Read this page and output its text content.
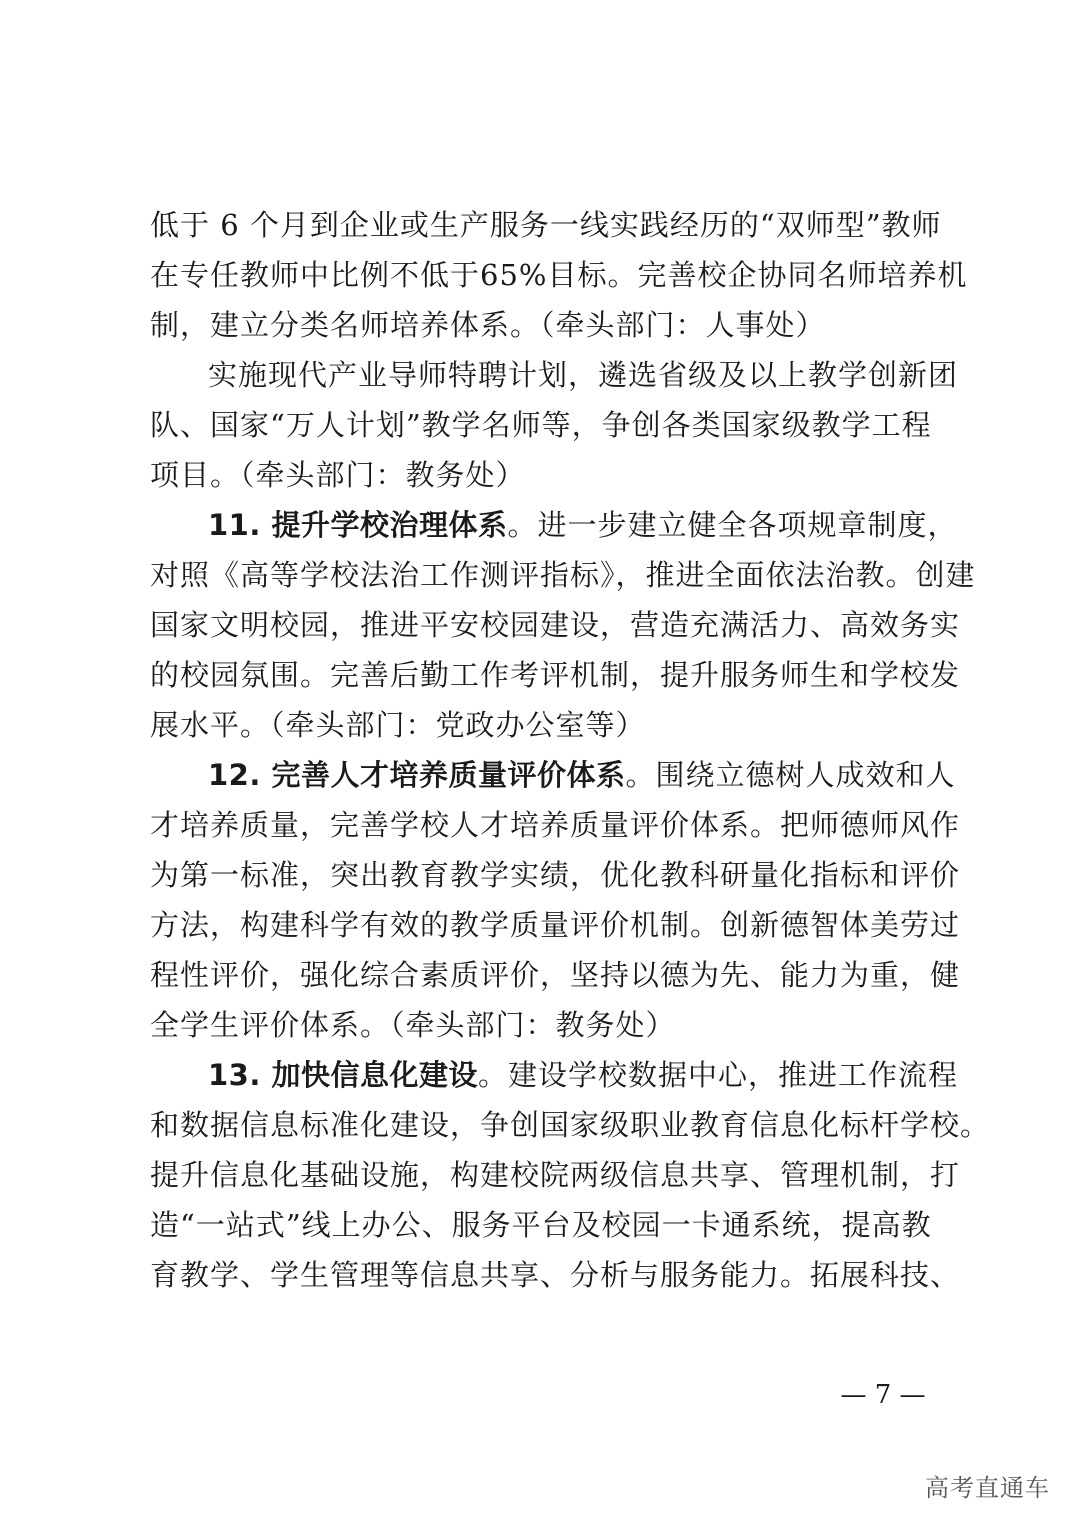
低于 6 个月到企业或生产服务一线实践经历的“双师型”教师
在专任教师中比例不低于65%目标。完善校企协同名师培养机
制，建立分类名师培养体系。（牵头部门：人事处）
实施现代产业导师特聘计划，遴选省级及以上教学创新团
队、国家“万人计划”教学名师等，争创各类国家级教学工程
项目。（牵头部门：教务处）
11. 提升学校治理体系。进一步建立健全各项规章制度，
对照《高等学校法治工作测评指标》，推进全面依法治教。创建
国家文明校园，推进平安校园建设，营造充满活力、高效务实
的校园氛围。完善后勤工作考评机制，提升服务师生和学校发
展水平。（牵头部门：党政办公室等）
12. 完善人才培养质量评价体系。围绕立德树人成效和人
才培养质量，完善学校人才培养质量评价体系。把师德师风作
为第一标准，突出教育教学实绩，优化教科研量化指标和评价
方法，构建科学有效的教学质量评价机制。创新德智体美劳过
程性评价，强化综合素质评价，坚持以德为先、能力为重，健
全学生评价体系。（牵头部门：教务处）
13. 加快信息化建设。建设学校数据中心，推进工作流程
和数据信息标准化建设，争创国家级职业教育信息化标杆学校。
提升信息化基础设施，构建校院两级信息共享、管理机制，打
造“一站式”线上办公、服务平台及校园一卡通系统，提高教
育教学、学生管理等信息共享、分析与服务能力。拓展科技、
— 7 —
高考直通车
